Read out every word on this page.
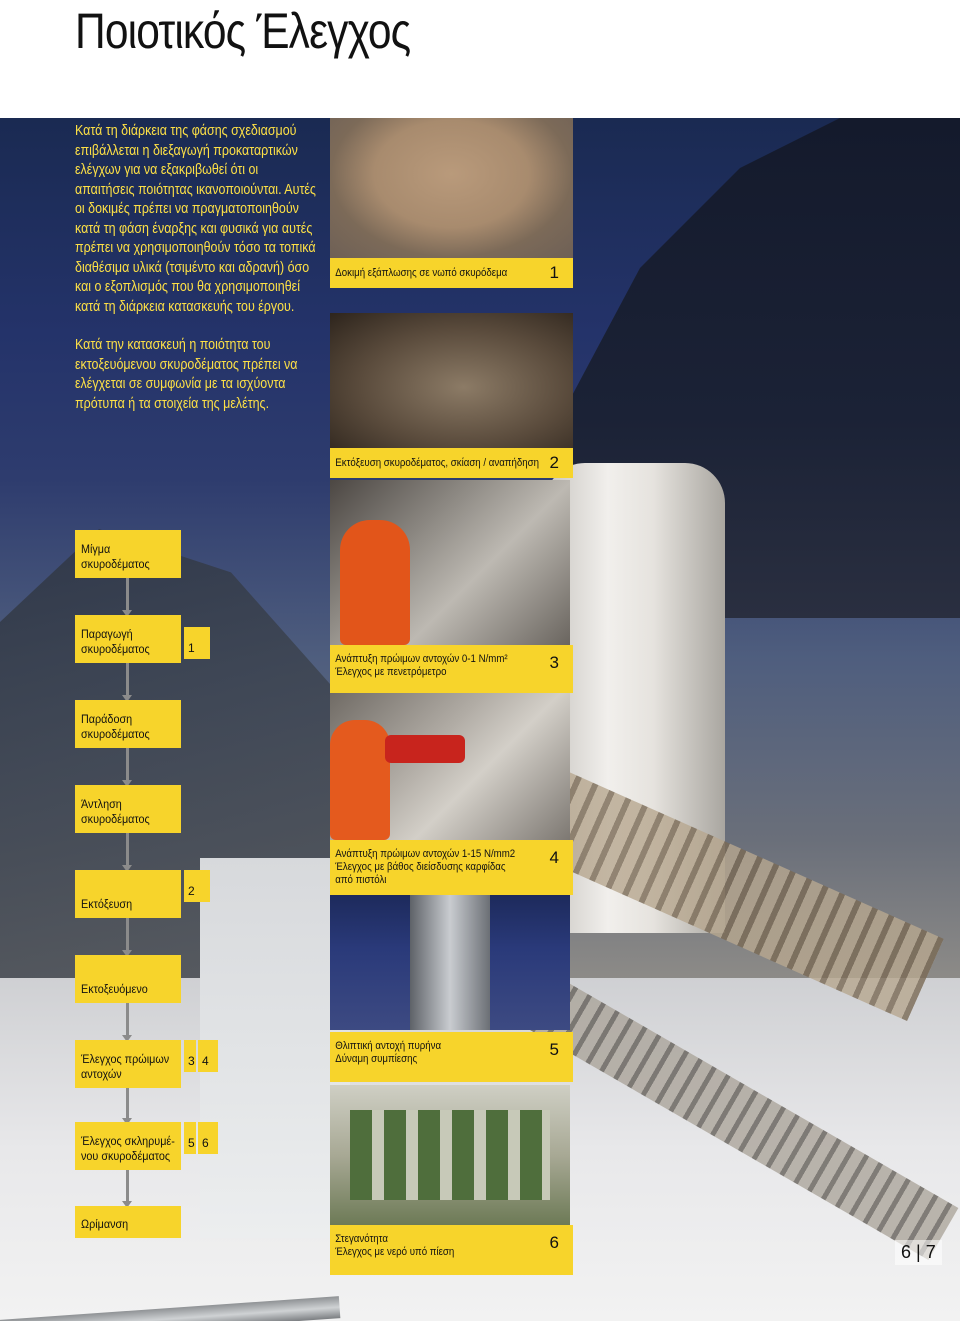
Ποιοτικός Έλεγχος

Κατά τη διάρκεια της φάσης σχεδιασμού επιβάλλεται η διεξαγωγή προκαταρτικών ελέγχων για να εξακριβωθεί ότι οι απαιτήσεις ποιότητας ικανοποιούνται. Αυτές οι δοκιμές πρέπει να πραγματοποιηθούν κατά τη φάση έναρξης και φυσικά για αυτές πρέπει να χρησιμοποιηθούν τόσο τα τοπικά διαθέσιμα υλικά (τσιμέντο και αδρανή) όσο και ο εξοπλισμός που θα χρησιμοποιηθεί κατά τη διάρκεια κατασκευής του έργου.

Κατά την κατασκευή η ποιότητα του εκτοξευόμενου σκυροδέματος πρέπει να ελέγχεται σε συμφωνία με τα ισχύοντα πρότυπα ή τα στοιχεία της μελέτης.

Δοκιμή εξάπλωσης σε νωπό σκυρόδεμα 1
Εκτόξευση σκυροδέματος, σκίαση / αναπήδηση 2
Ανάπτυξη πρώιμων αντοχών 0-1 N/mm²
Έλεγχος με πενετρόμετρο	3
Ανάπτυξη πρώιμων αντοχών 1-15 N/mm2
Έλεγχος με βάθος διείσδυσης καρφίδας
από πιστόλι
4
Θλιπτική αντοχή πυρήνα
Δύναμη συμπίεσης	5
Στεγανότητα
Έλεγχος με νερό υπό πίεση	6
Μίγμα
σκυροδέματος
Παραγωγή
σκυροδέματος	1
Παράδοση
σκυροδέματος
Άντληση
σκυροδέματος
Εκτόξευση
2
Εκτοξευόμενο
Έλεγχος πρώιμων
αντοχών
3 4
Έλεγχος σκληρυμέ-
νου σκυροδέματος
5 6
Ωρίμανση
6 | 7
